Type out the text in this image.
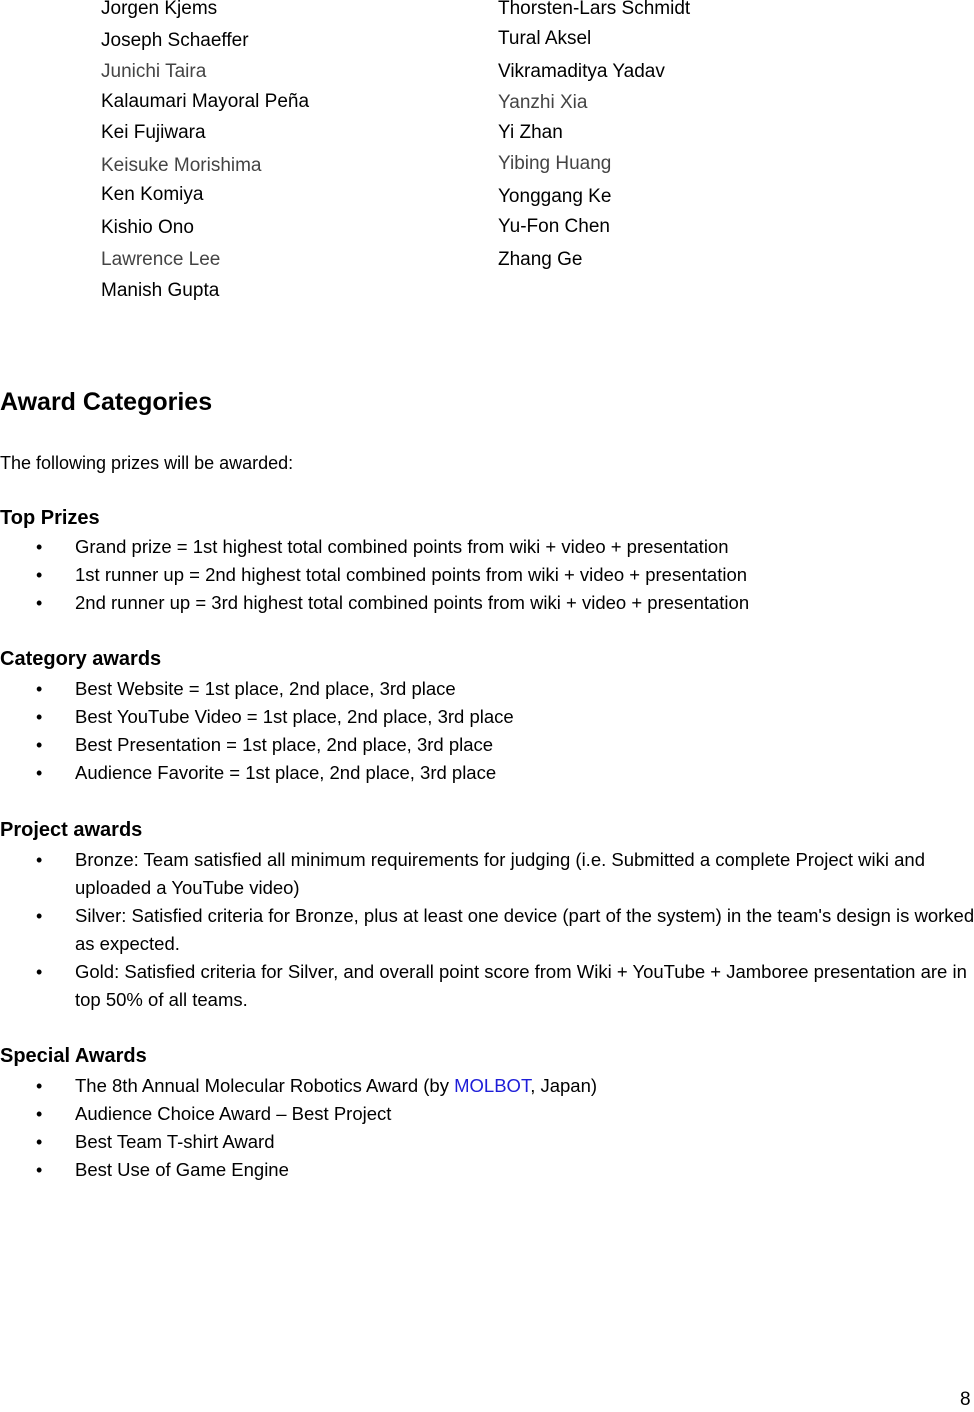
Jorgen Kjems
Joseph Schaeffer
Junichi Taira
Kalaumari Mayoral Peña
Kei Fujiwara
Keisuke Morishima
Ken Komiya
Kishio Ono
Lawrence Lee
Manish Gupta
Thorsten-Lars Schmidt
Tural Aksel
Vikramaditya Yadav
Yanzhi Xia
Yi Zhan
Yibing Huang
Yonggang Ke
Yu-Fon Chen
Zhang Ge
Award Categories
The following prizes will be awarded:
Top Prizes
• Grand prize = 1st highest total combined points from wiki + video + presentation
• 1st runner up = 2nd highest total combined points from wiki + video + presentation
• 2nd runner up = 3rd highest total combined points from wiki + video + presentation
Category awards
• Best Website = 1st place, 2nd place, 3rd place
• Best YouTube Video = 1st place, 2nd place, 3rd place
• Best Presentation = 1st place, 2nd place, 3rd place
• Audience Favorite = 1st place, 2nd place, 3rd place
Project awards
• Bronze: Team satisfied all minimum requirements for judging (i.e. Submitted a complete Project wiki and uploaded a YouTube video)
• Silver: Satisfied criteria for Bronze, plus at least one device (part of the system) in the team's design is worked as expected.
• Gold: Satisfied criteria for Silver, and overall point score from Wiki + YouTube + Jamboree presentation are in top 50% of all teams.
Special Awards
• The 8th Annual Molecular Robotics Award (by MOLBOT, Japan)
• Audience Choice Award – Best Project
• Best Team T-shirt Award
• Best Use of Game Engine
8
